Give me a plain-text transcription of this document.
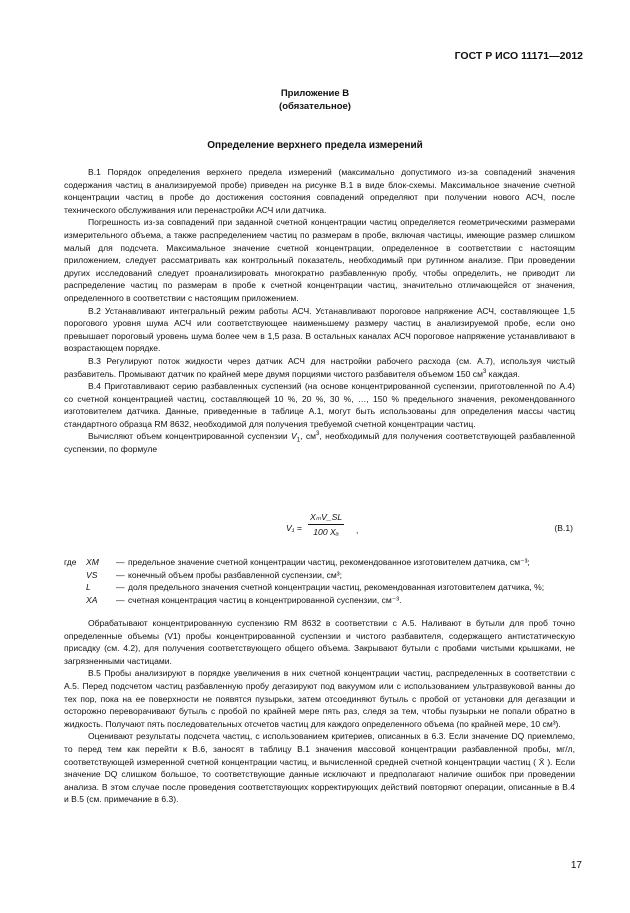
ГОСТ Р ИСО 11171—2012
Приложение В
(обязательное)
Определение верхнего предела измерений

В.1 Порядок определения верхнего предела измерений (максимально допустимого из-за совпадений значения содержания частиц в анализируемой пробе) приведен на рисунке В.1 в виде блок-схемы. Максимальное значение счетной концентрации частиц в пробе до достижения состояния совпадений определяют при получении нового АСЧ, после технического обслуживания или перенастройки АСЧ или датчика.

Погрешность из-за совпадений при заданной счетной концентрации частиц определяется геометрическими размерами измерительного объема, а также распределением частиц по размерам в пробе, включая частицы, имеющие размер слишком малый для подсчета. Максимальное значение счетной концентрации, определенное в соответствии с настоящим приложением, следует рассматривать как контрольный показатель, необходимый при рутинном анализе. При проведении других исследований следует проанализировать многократно разбавленную пробу, чтобы определить, не приводит ли распределение частиц по размерам в пробе к счетной концентрации частиц, значительно отличающейся от значения, определенного в соответствии с настоящим приложением.

В.2 Устанавливают интегральный режим работы АСЧ. Устанавливают пороговое напряжение АСЧ, составляющее 1,5 порогового уровня шума АСЧ или соответствующее наименьшему размеру частиц в анализируемой пробе, если оно превышает пороговый уровень шума более чем в 1,5 раза. В остальных каналах АСЧ пороговое напряжение устанавливают в возрастающем порядке.

В.3 Регулируют поток жидкости через датчик АСЧ для настройки рабочего расхода (см. А.7), используя чистый разбавитель. Промывают датчик по крайней мере двумя порциями чистого разбавителя объемом 150 $см^3$ каждая.

В.4 Приготавливают серию разбавленных суспензий (на основе концентрированной суспензии, приготовленной по А.4) со счетной концентрацией частиц, составляющей 10 %, 20 %, 30 %, …, 150 % предельного значения, рекомендованного изготовителем датчика. Данные, приведенные в таблице А.1, могут быть использованы для определения массы частиц стандартного образца RM 8632, необходимой для получения требуемой счетной концентрации частиц.

Вычисляют объем концентрированной суспензии $V_1$, $см^3$, необходимый для получения соответствующей разбавленной суспензии, по формуле

V₁ =
XₘV_SL
100 Xₐ	,	(В.1)
где	XM	— предельное значение счетной концентрации частиц, рекомендованное изготовителем датчика, см⁻³;
VS	— конечный объем пробы разбавленной суспензии, см³;
L	— доля предельного значения счетной концентрации частиц, рекомендованная изготовителем датчика, %;
XA	— счетная концентрация частиц в концентрированной суспензии, см⁻³.

Обрабатывают концентрированную суспензию RM 8632 в соответствии с А.5. Наливают в бутыли для проб точно определенные объемы (V1) пробы концентрированной суспензии и чистого разбавителя, содержащего антистатическую присадку (см. 4.2), для получения соответствующего общего объема. Закрывают бутыли с пробами чистыми крышками, не загрязненными частицами.

В.5 Пробы анализируют в порядке увеличения в них счетной концентрации частиц, распределенных в соответствии с А.5. Перед подсчетом частиц разбавленную пробу дегазируют под вакуумом или с использованием ультразвуковой ванны до тех пор, пока на ее поверхности не появятся пузырьки, затем отсоединяют бутыль с пробой от установки для дегазации и осторожно переворачивают бутыль с пробой по крайней мере пять раз, следя за тем, чтобы пузырьки не попали обратно в жидкость. Получают пять последовательных отсчетов частиц для каждого определенного объема (по крайней мере, 10 см³).

Оценивают результаты подсчета частиц, с использованием критериев, описанных в 6.3. Если значение DQ приемлемо, то перед тем как перейти к В.6, заносят в таблицу В.1 значения массовой концентрации разбавленной пробы, мг/л, соответствующей измеренной счетной концентрации частиц, и вычисленной средней счетной концентрации частиц ( X̄ ). Если значение DQ слишком большое, то соответствующие данные исключают и предполагают наличие ошибок при проведении анализа. В этом случае после проведения соответствующих корректирующих действий повторяют операции, описанные в В.4 и В.5 (см. примечание в 6.3).

17
